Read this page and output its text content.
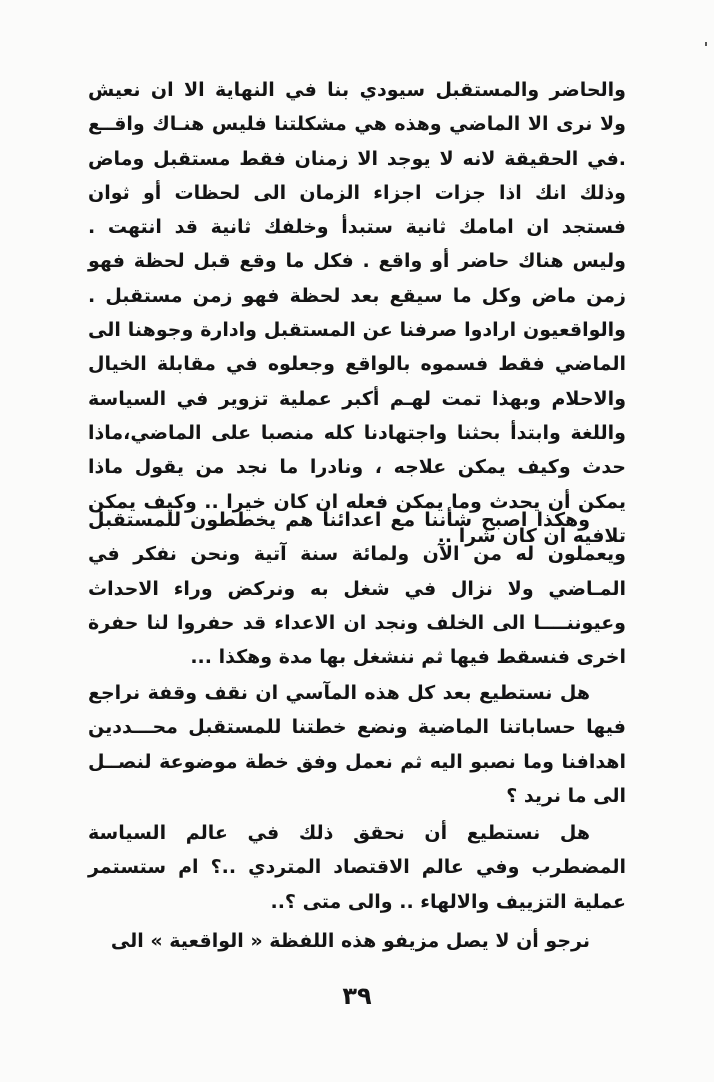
والحاضر والمستقبل سيودي بنا في النهاية الا ان نعيش ولا نرى الا الماضي وهذه هي مشكلتنا فليس هنـاك واقــع .في الحقيقة لانه لا يوجد الا زمنان فقط مستقبل وماض وذلك انك اذا جزات اجزاء الزمان الى لحظات أو ثوان فستجد ان امامك ثانية ستبدأ وخلفك ثانية قد انتهت . وليس هناك حاضر أو واقع . فكل ما وقع قبل لحظة فهو زمن ماض وكل ما سيقع بعد لحظة فهو زمن مستقبل . والواقعيون ارادوا صرفنا عن المستقبل وادارة وجوهنا الى الماضي فقط فسموه بالواقع وجعلوه في مقابلة الخيال والاحلام وبهذا تمت لهـم أكبر عملية تزوير في السياسة واللغة وابتدأ بحثنا واجتهادنا كله منصبا على الماضي،ماذا حدث وكيف يمكن علاجه ، ونادرا ما نجد من يقول ماذا يمكن أن يحدث وما يمكن فعله ان كان خيرا .. وكيف يمكن تلافيه ان كان شرا ..

وهكذا اصبح شأننا مع اعدائنا هم يخططون للمستقبل ويعملون له من الآن ولمائة سنة آتية ونحن نفكر في المـاضي ولا نزال في شغل به ونركض وراء الاحداث وعيوننــــا الى الخلف ونجد ان الاعداء قد حفروا لنا حفرة اخرى فنسقط فيها ثم ننشغل بها مدة وهكذا ...

هل نستطيع بعد كل هذه المآسي ان نقف وقفة نراجع فيها حساباتنا الماضية ونضع خطتنا للمستقبل محـــددين اهدافنا وما نصبو اليه ثم نعمل وفق خطة موضوعة لنصــل الى ما نريد ؟

هل نستطيع أن نحقق ذلك في عالم السياسة المضطرب وفي عالم الاقتصاد المتردي ..؟ ام ستستمر عملية التزييف والالهاء .. والى متى ؟..

نرجو أن لا يصل مزيفو هذه اللفظة « الواقعية » الى

٣٩
